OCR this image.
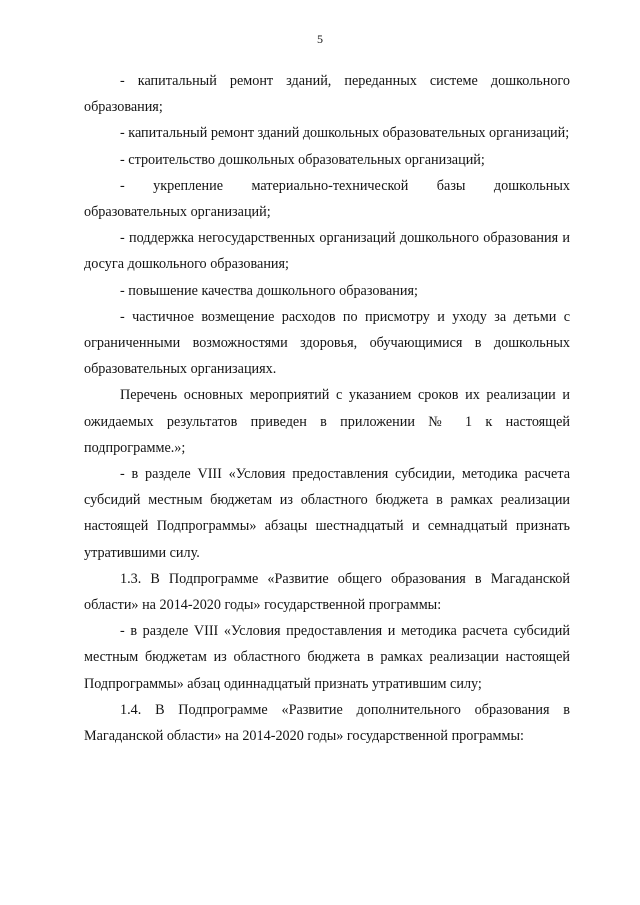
5

- капитальный ремонт зданий, переданных системе дошкольного образования;

- капитальный ремонт зданий дошкольных образовательных организаций;

- строительство дошкольных образовательных организаций;

- укрепление материально-технической базы дошкольных образовательных организаций;

- поддержка негосударственных организаций дошкольного образования и досуга дошкольного образования;

- повышение качества дошкольного образования;

- частичное возмещение расходов по присмотру и уходу за детьми с ограниченными возможностями здоровья, обучающимися в дошкольных образовательных организациях.

Перечень основных мероприятий с указанием сроков их реализации и ожидаемых результатов приведен в приложении № 1 к настоящей подпрограмме.»;

- в разделе VIII «Условия предоставления субсидии, методика расчета субсидий местным бюджетам из областного бюджета в рамках реализации настоящей Подпрограммы» абзацы шестнадцатый и семнадцатый признать утратившими силу.

1.3. В Подпрограмме «Развитие общего образования в Магаданской области» на 2014-2020 годы» государственной программы:

- в разделе VIII «Условия предоставления и методика расчета субсидий местным бюджетам из областного бюджета в рамках реализации настоящей Подпрограммы» абзац одиннадцатый признать утратившим силу;

1.4. В Подпрограмме «Развитие дополнительного образования в Магаданской области» на 2014-2020 годы» государственной программы:
